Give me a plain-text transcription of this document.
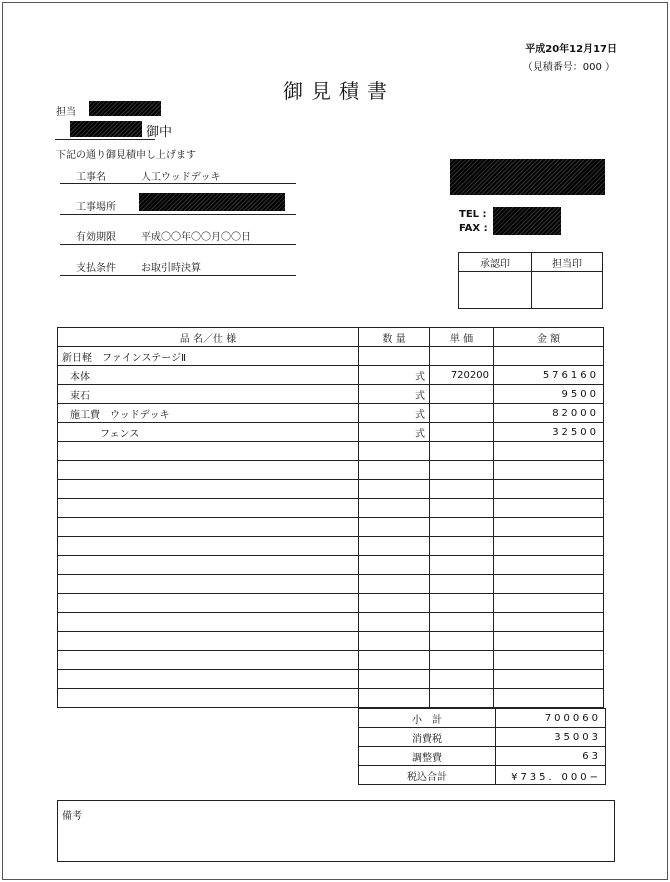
平成20年12月17日
（見積番号：000 ）
御見積書
担当
御中
下記の通り御見積申し上げます
工事名	人工ウッドデッキ
工事場所
有効期限	平成〇〇年〇〇月〇〇日
支払条件	お取引時決算
TEL :
FAX :
承認印	担当印

品 名／仕 様	数 量	単 価	金 額
新日軽　ファインステージⅡ			
本体	式	720200	576160
束石	式		9500
施工費　ウッドデッキ	式		82000
　　　フェンス	式		32500

小　計	700060
消費税	35003
調整費	63
税込合計	¥735．000−
備考
